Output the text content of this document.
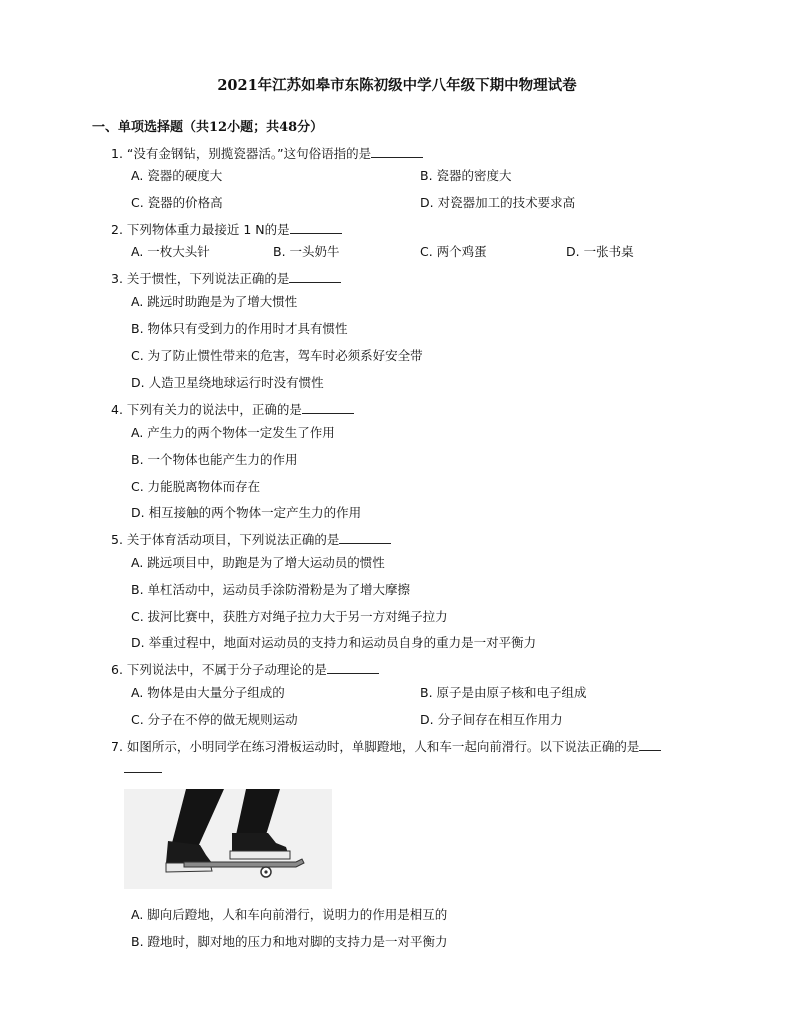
2021年江苏如皋市东陈初级中学八年级下期中物理试卷
一、单项选择题（共12小题；共48分）
1. “没有金钢钻，别揽瓷器活。”这句俗语指的是
A. 瓷器的硬度大	B. 瓷器的密度大
C. 瓷器的价格高	D. 对瓷器加工的技术要求高
2. 下列物体重力最接近 1 N的是
A. 一枚大头针	B. 一头奶牛	C. 两个鸡蛋	D. 一张书桌
3. 关于惯性，下列说法正确的是
A. 跳远时助跑是为了增大惯性
B. 物体只有受到力的作用时才具有惯性
C. 为了防止惯性带来的危害，驾车时必须系好安全带
D. 人造卫星绕地球运行时没有惯性
4. 下列有关力的说法中，正确的是
A. 产生力的两个物体一定发生了作用
B. 一个物体也能产生力的作用
C. 力能脱离物体而存在
D. 相互接触的两个物体一定产生力的作用
5. 关于体育活动项目，下列说法正确的是
A. 跳远项目中，助跑是为了增大运动员的惯性
B. 单杠活动中，运动员手涂防滑粉是为了增大摩擦
C. 拔河比赛中，获胜方对绳子拉力大于另一方对绳子拉力
D. 举重过程中，地面对运动员的支持力和运动员自身的重力是一对平衡力
6. 下列说法中，不属于分子动理论的是
A. 物体是由大量分子组成的	B. 原子是由原子核和电子组成
C. 分子在不停的做无规则运动	D. 分子间存在相互作用力
7. 如图所示，小明同学在练习滑板运动时，单脚蹬地，人和车一起向前滑行。以下说法正确的是
A. 脚向后蹬地，人和车向前滑行，说明力的作用是相互的
B. 蹬地时，脚对地的压力和地对脚的支持力是一对平衡力
